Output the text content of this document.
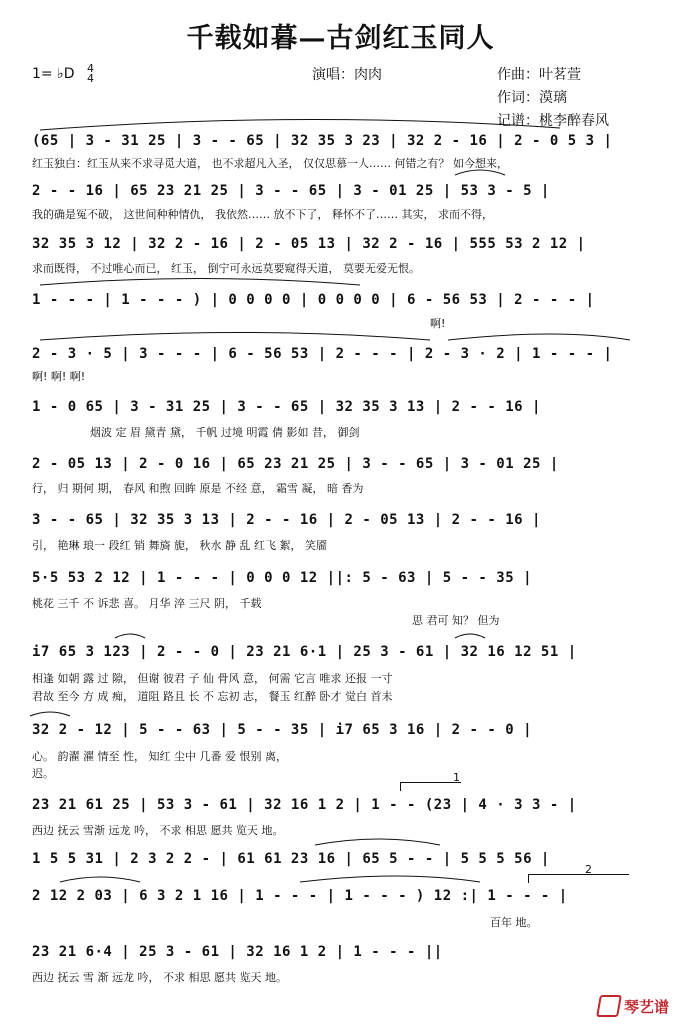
千载如暮—古剑红玉同人
1= ♭D 4
4	演唱：肉肉	作曲：叶茗萱
作词：漠璃
记谱：桃李醉春风
(65 | 3 - 31 25 | 3 - - 65 | 32 35 3 23 | 32 2 - 16 | 2 - 0 5 3 |
红玉独白：红玉从来不求寻觅大道， 也不求超凡入圣， 仅仅思慕一人…… 何错之有？ 如今想来，
2 - - 16 | 65 23 21 25 | 3 - - 65 | 3 - 01 25 | 53 3 - 5 |
我的确是冤不破， 这世间种种情仇， 我依然…… 放不下了， 释怀不了…… 其实， 求而不得，
32 35 3 12 | 32 2 - 16 | 2 - 05 13 | 32 2 - 16 | 555 53 2 12 |
求而既得， 不过唯心而已， 红玉， 倒宁可永远莫要窥得天道， 莫要无爱无恨。
1 - - - | 1 - - - ) | 0 0 0 0 | 0 0 0 0 | 6 - 56 53 | 2 - - - |
啊!
2 - 3 · 5 | 3 - - - | 6 - 56 53 | 2 - - - | 2 - 3 · 2 | 1 - - - |
啊! 啊! 啊!
1 - 0 65 | 3 - 31 25 | 3 - - 65 | 32 35 3 13 | 2 - - 16 |
烟波 定 眉 黛青 黛， 千帆 过境 明霞 倩 影如 昔， 御剑
2 - 05 13 | 2 - 0 16 | 65 23 21 25 | 3 - - 65 | 3 - 01 25 |
行， 归 期何 期， 春风 和煦 回眸 原是 不经 意， 霜雪 凝， 暗 香为
3 - - 65 | 32 35 3 13 | 2 - - 16 | 2 - 05 13 | 2 - - 16 |
引， 艳琳 琅一 段红 销 舞旖 旎， 秋水 静 乱 红飞 絮， 笑靥
5·5 53 2 12 | 1 - - - | 0 0 0 12 ||: 5 - 63 | 5 - - 35 |
桃花 三千 不 诉悲 喜。 月华 淬 三尺 阴， 千载
思 君可 知？ 但为
i7 65 3 123 | 2 - - 0 | 23 21 6·1 | 25 3 - 61 | 32 16 12 51 |
相逢 如朝 露 过 隙， 但谢 彼君 子 仙 骨风 意， 何需 它言 唯求 还报 一寸
君故 至今 方 成 痴， 道阻 路且 长 不 忘初 志， 餐玉 红醉 卧才 觉白 首未
32 2 - 12 | 5 - - 63 | 5 - - 35 | i7 65 3 16 | 2 - - 0 |
心。 韵濯 濯 情至 性， 知红 尘中 几番 爱 恨别 离，
迟。
23 21 61 25 | 53 3 - 61 | 32 16 1 2 | 1 - - (23 | 4 · 3 3 - |
西边 抚云 雪渐 远龙 吟， 不求 相思 愿共 览天 地。
1 5 5 31 | 2 3 2 2 - | 61 61 23 16 | 65 5 - - | 5 5 5 56 |
2 12 2 03 | 6 3 2 1 16 | 1 - - - | 1 - - - ) 12 :| 1 - - - |
百年 地。
23 21 6·4 | 25 3 - 61 | 32 16 1 2 | 1 - - - ||
西边 抚云 雪 渐 远龙 吟， 不求 相思 愿共 览天 地。
1
2
琴艺谱
